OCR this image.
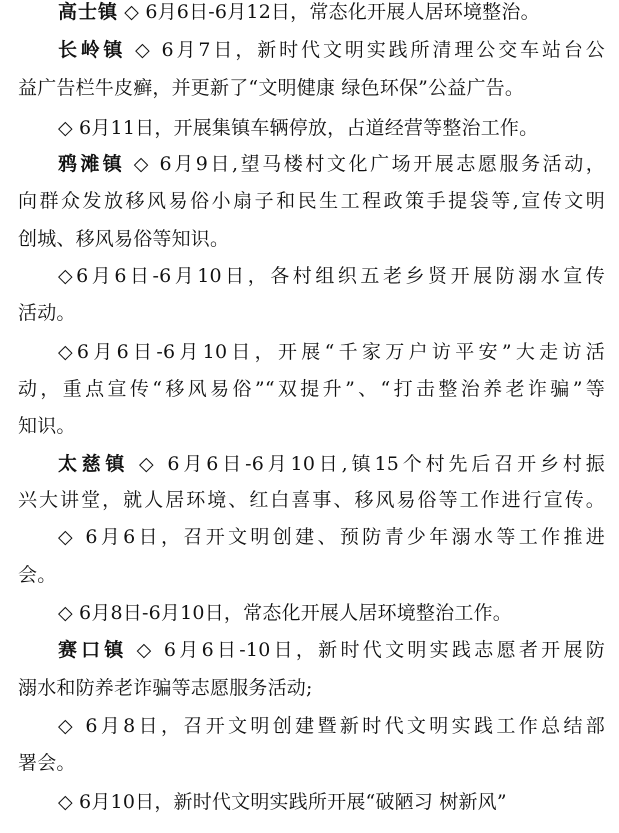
高士镇 ◇ 6月6日-6月12日，常态化开展人居环境整治。
长岭镇 ◇ 6月7日，新时代文明实践所清理公交车站台公
益广告栏牛皮癣，并更新了“文明健康 绿色环保”公益广告。
◇ 6月11日，开展集镇车辆停放，占道经营等整治工作。
鸦滩镇 ◇ 6月9日,望马楼村文化广场开展志愿服务活动，
向群众发放移风易俗小扇子和民生工程政策手提袋等,宣传文明
创城、移风易俗等知识。
◇6月6日-6月10日，各村组织五老乡贤开展防溺水宣传
活动。
◇6月6日-6月10日，开展“千家万户访平安”大走访活
动，重点宣传“移风易俗”“双提升”、“打击整治养老诈骗”等
知识。
太慈镇 ◇ 6月6日-6月10日,镇15个村先后召开乡村振
兴大讲堂，就人居环境、红白喜事、移风易俗等工作进行宣传。
◇ 6月6日，召开文明创建、预防青少年溺水等工作推进
会。
◇ 6月8日-6月10日，常态化开展人居环境整治工作。
赛口镇 ◇ 6月6日-10日，新时代文明实践志愿者开展防
溺水和防养老诈骗等志愿服务活动;
◇ 6月8日，召开文明创建暨新时代文明实践工作总结部
署会。
◇ 6月10日，新时代文明实践所开展“破陋习 树新风”
